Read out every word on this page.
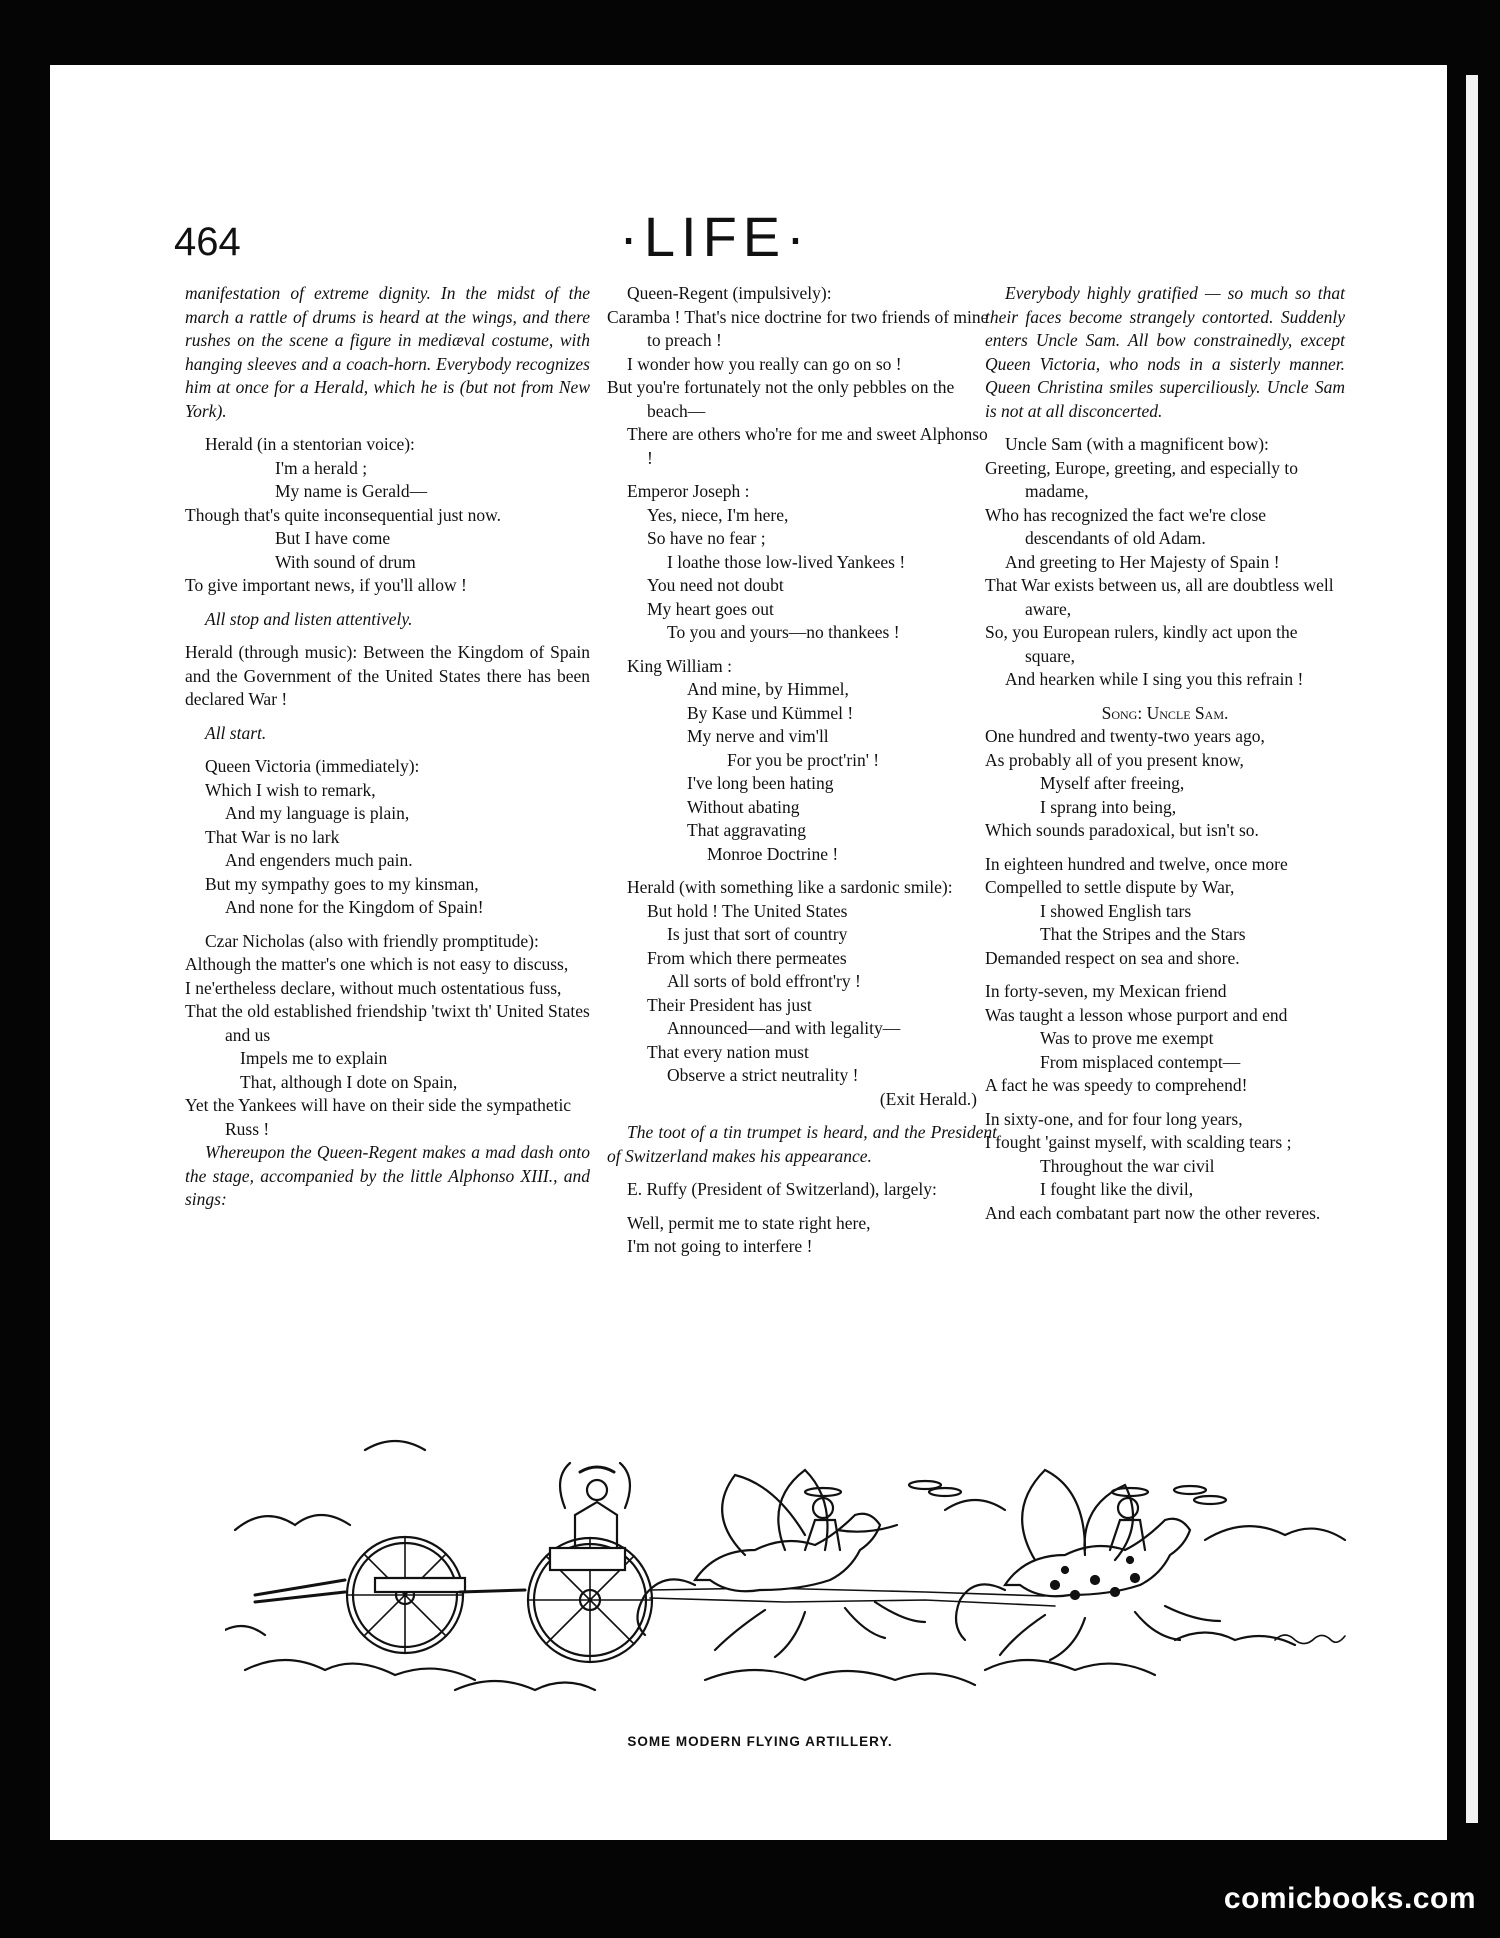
464	·LIFE·

manifestation of extreme dignity. In the midst of the march a rattle of drums is heard at the wings, and there rushes on the scene a figure in mediæval costume, with hanging sleeves and a coach-horn. Everybody recognizes him at once for a Herald, which he is (but not from New York).

Herald (in a stentorian voice):

I'm a herald ;

My name is Gerald—

Though that's quite inconsequential just now.

But I have come

With sound of drum

To give important news, if you'll allow !

All stop and listen attentively.

Herald (through music): Between the Kingdom of Spain and the Government of the United States there has been declared War !

All start.

Queen Victoria (immediately):

Which I wish to remark,

And my language is plain,

That War is no lark

And engenders much pain.

But my sympathy goes to my kinsman,

And none for the Kingdom of Spain!

Czar Nicholas (also with friendly promptitude):

Although the matter's one which is not easy to discuss,

I ne'ertheless declare, without much ostentatious fuss,

That the old established friendship 'twixt th' United States and us

Impels me to explain

That, although I dote on Spain,

Yet the Yankees will have on their side the sympathetic Russ !

Whereupon the Queen-Regent makes a mad dash onto the stage, accompanied by the little Alphonso XIII., and sings:

Queen-Regent (impulsively):

Caramba ! That's nice doctrine for two friends of mine to preach !

I wonder how you really can go on so !

But you're fortunately not the only pebbles on the beach—

There are others who're for me and sweet Alphonso !

Emperor Joseph :

Yes, niece, I'm here,

So have no fear ;

I loathe those low-lived Yankees !

You need not doubt

My heart goes out

To you and yours—no thankees !

King William :

And mine, by Himmel,

By Kase und Kümmel !

My nerve and vim'll

For you be proct'rin' !

I've long been hating

Without abating

That aggravating

Monroe Doctrine !

Herald (with something like a sardonic smile):

But hold ! The United States

Is just that sort of country

From which there permeates

All sorts of bold effront'ry !

Their President has just

Announced—and with legality—

That every nation must

Observe a strict neutrality !

(Exit Herald.)

The toot of a tin trumpet is heard, and the President of Switzerland makes his appearance.

E. Ruffy (President of Switzerland), largely:

Well, permit me to state right here,

I'm not going to interfere !

Everybody highly gratified — so much so that their faces become strangely contorted. Suddenly enters Uncle Sam. All bow constrainedly, except Queen Victoria, who nods in a sisterly manner. Queen Christina smiles superciliously. Uncle Sam is not at all disconcerted.

Uncle Sam (with a magnificent bow):

Greeting, Europe, greeting, and especially to madame,

Who has recognized the fact we're close descendants of old Adam.

And greeting to Her Majesty of Spain !

That War exists between us, all are doubtless well aware,

So, you European rulers, kindly act upon the square,

And hearken while I sing you this refrain !

Song: Uncle Sam.

One hundred and twenty-two years ago,

As probably all of you present know,

Myself after freeing,

I sprang into being,

Which sounds paradoxical, but isn't so.

In eighteen hundred and twelve, once more

Compelled to settle dispute by War,

I showed English tars

That the Stripes and the Stars

Demanded respect on sea and shore.

In forty-seven, my Mexican friend

Was taught a lesson whose purport and end

Was to prove me exempt

From misplaced contempt—

A fact he was speedy to comprehend!

In sixty-one, and for four long years,

I fought 'gainst myself, with scalding tears ;

Throughout the war civil

I fought like the divil,

And each combatant part now the other reveres.

SOME MODERN FLYING ARTILLERY.
comicbooks.com
